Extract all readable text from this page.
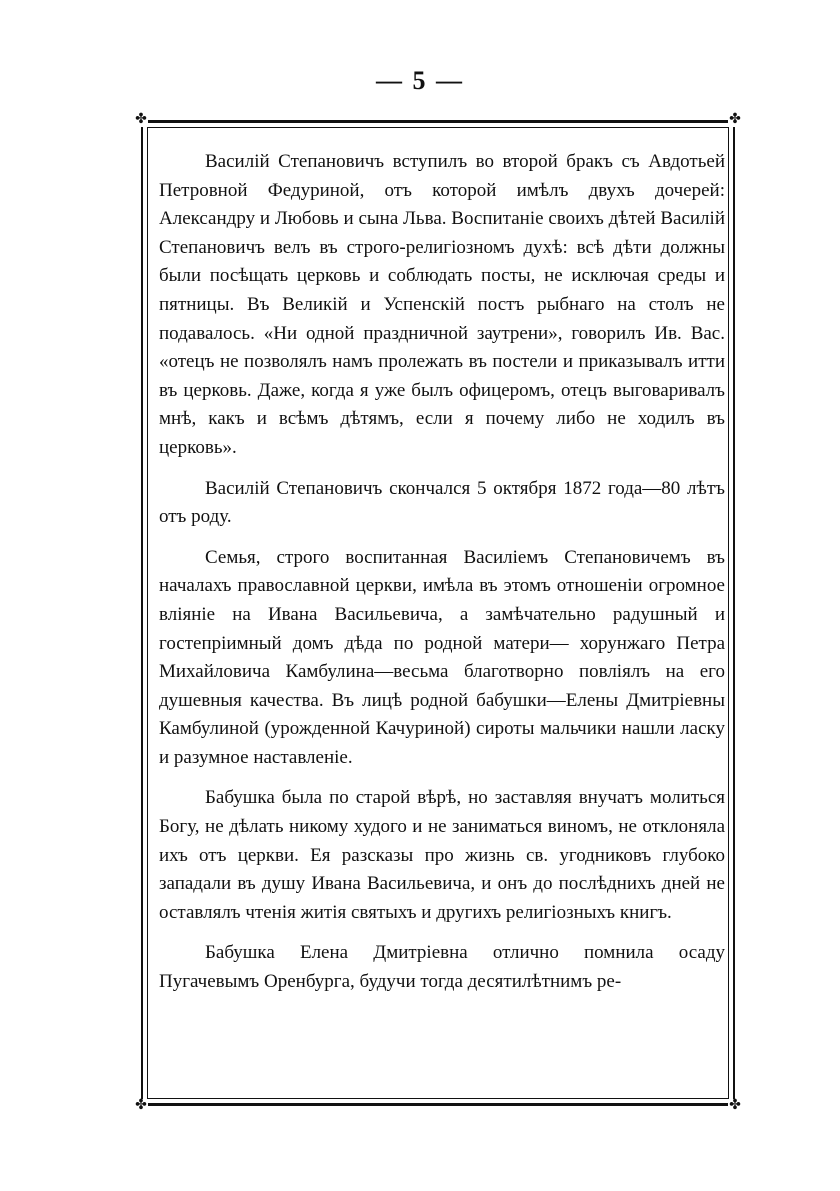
— 5 —
✤	✤
✤	✤

Василій Степановичъ вступилъ во второй бракъ съ Авдотьей Петровной Федуриной, отъ которой имѣлъ двухъ дочерей: Александру и Любовь и сына Льва. Воспитаніе своихъ дѣтей Василій Степановичъ велъ въ строго-религіозномъ духѣ: всѣ дѣти должны были посѣщать церковь и соблюдать посты, не исключая среды и пятницы. Въ Великій и Успенскій постъ рыбнаго на столъ не подавалось. «Ни одной праздничной заутрени», говорилъ Ив. Вас. «отецъ не позволялъ намъ пролежать въ постели и приказывалъ итти въ церковь. Даже, когда я уже былъ офицеромъ, отецъ выговаривалъ мнѣ, какъ и всѣмъ дѣтямъ, если я почему либо не ходилъ въ церковь».

Василій Степановичъ скончался 5 октября 1872 года—80 лѣтъ отъ роду.

Семья, строго воспитанная Василіемъ Степановичемъ въ началахъ православной церкви, имѣла въ этомъ отношеніи огромное вліяніе на Ивана Васильевича, а замѣчательно радушный и гостепріимный домъ дѣда по родной матери— хорунжаго Петра Михайловича Камбулина—весьма благотворно повліялъ на его душевныя качества. Въ лицѣ родной бабушки—Елены Дмитріевны Камбулиной (урожденной Качуриной) сироты мальчики нашли ласку и разумное наставленіе.

Бабушка была по старой вѣрѣ, но заставляя внучатъ молиться Богу, не дѣлать никому худого и не заниматься виномъ, не отклоняла ихъ отъ церкви. Ея разсказы про жизнь св. угодниковъ глубоко западали въ душу Ивана Васильевича, и онъ до послѣднихъ дней не оставлялъ чтенія житія святыхъ и другихъ религіозныхъ книгъ.

Бабушка Елена Дмитріевна отлично помнила осаду Пугачевымъ Оренбурга, будучи тогда десятилѣтнимъ ре-
